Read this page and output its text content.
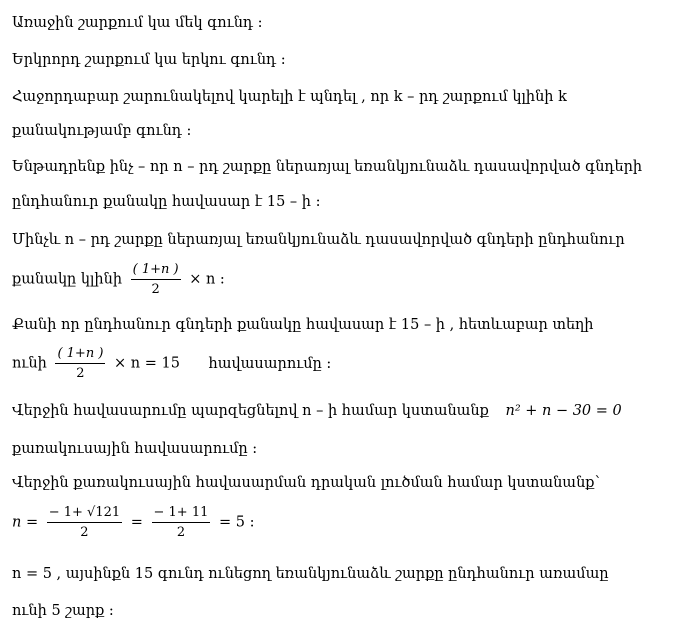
Առաջին շարքում կա մեկ գունդ :
Երկրորդ շարքում կա երկու գունդ :
Հաջորդաբար շարունակելով կարելի է պնդել , որ k – րդ շարքում կլինի k
քանակությամբ գունդ :
Ենթադրենք ինչ – որ n – րդ շարքը ներառյալ եռանկյունաձև դասավորված գնդերի
ընդհանուր քանակը հավասար է 15 – ի :
Մինչև n – րդ շարքը ներառյալ եռանկյունաձև դասավորված գնդերի ընդհանուր
քանակը կլինի $\frac{( 1+n )}{2} \times n$ :
Քանի որ ընդհանուր գնդերի քանակը հավասար է 15 – ի , հետևաբար տեղի
ունի $\frac{( 1+n )}{2} \times n = 15$ հավասարումը :
Վերջին հավասարումը պարզեցնելով n – ի համար կստանանք n² + n − 30 = 0
քառակուսային հավասարումը :
Վերջին քառակուսային հավասարման դրական լուծման համար կստանանք՝
$n = \frac{- 1+ √121}{2} = \frac{- 1+ 11}{2} = 5$ :
n = 5 , այսինքն 15 գունդ ունեցող եռանկյունաձև շարքը ընդհանուր առամաը
ունի 5 շարք :
